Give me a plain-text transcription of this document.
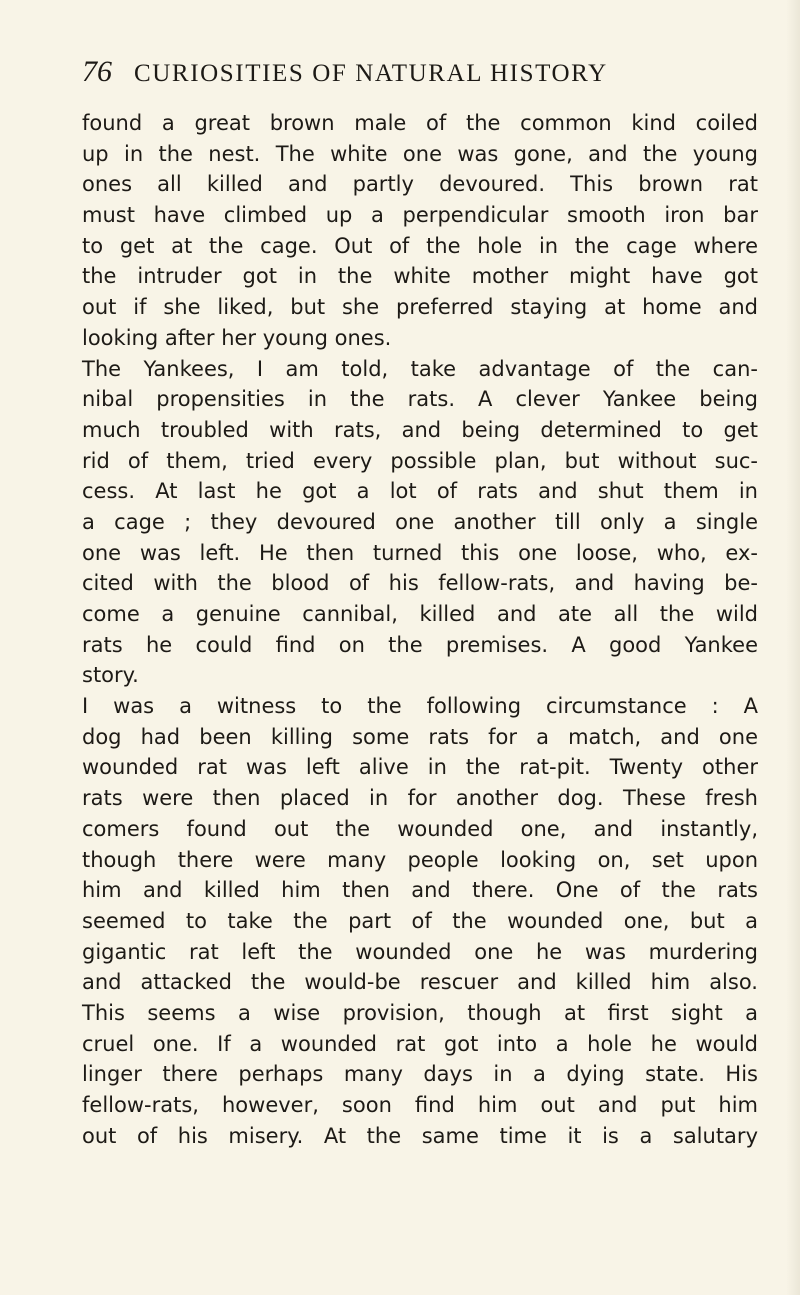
76 CURIOSITIES OF NATURAL HISTORY
found a great brown male of the common kind coiled
up in the nest. The white one was gone, and the young
ones all killed and partly devoured. This brown rat
must have climbed up a perpendicular smooth iron bar
to get at the cage. Out of the hole in the cage where
the intruder got in the white mother might have got
out if she liked, but she preferred staying at home and
looking after her young ones.
The Yankees, I am told, take advantage of the can-
nibal propensities in the rats. A clever Yankee being
much troubled with rats, and being determined to get
rid of them, tried every possible plan, but without suc-
cess. At last he got a lot of rats and shut them in
a cage ; they devoured one another till only a single
one was left. He then turned this one loose, who, ex-
cited with the blood of his fellow-rats, and having be-
come a genuine cannibal, killed and ate all the wild
rats he could find on the premises. A good Yankee
story.
I was a witness to the following circumstance : A
dog had been killing some rats for a match, and one
wounded rat was left alive in the rat-pit. Twenty other
rats were then placed in for another dog. These fresh
comers found out the wounded one, and instantly,
though there were many people looking on, set upon
him and killed him then and there. One of the rats
seemed to take the part of the wounded one, but a
gigantic rat left the wounded one he was murdering
and attacked the would-be rescuer and killed him also.
This seems a wise provision, though at first sight a
cruel one. If a wounded rat got into a hole he would
linger there perhaps many days in a dying state. His
fellow-rats, however, soon find him out and put him
out of his misery. At the same time it is a salutary
